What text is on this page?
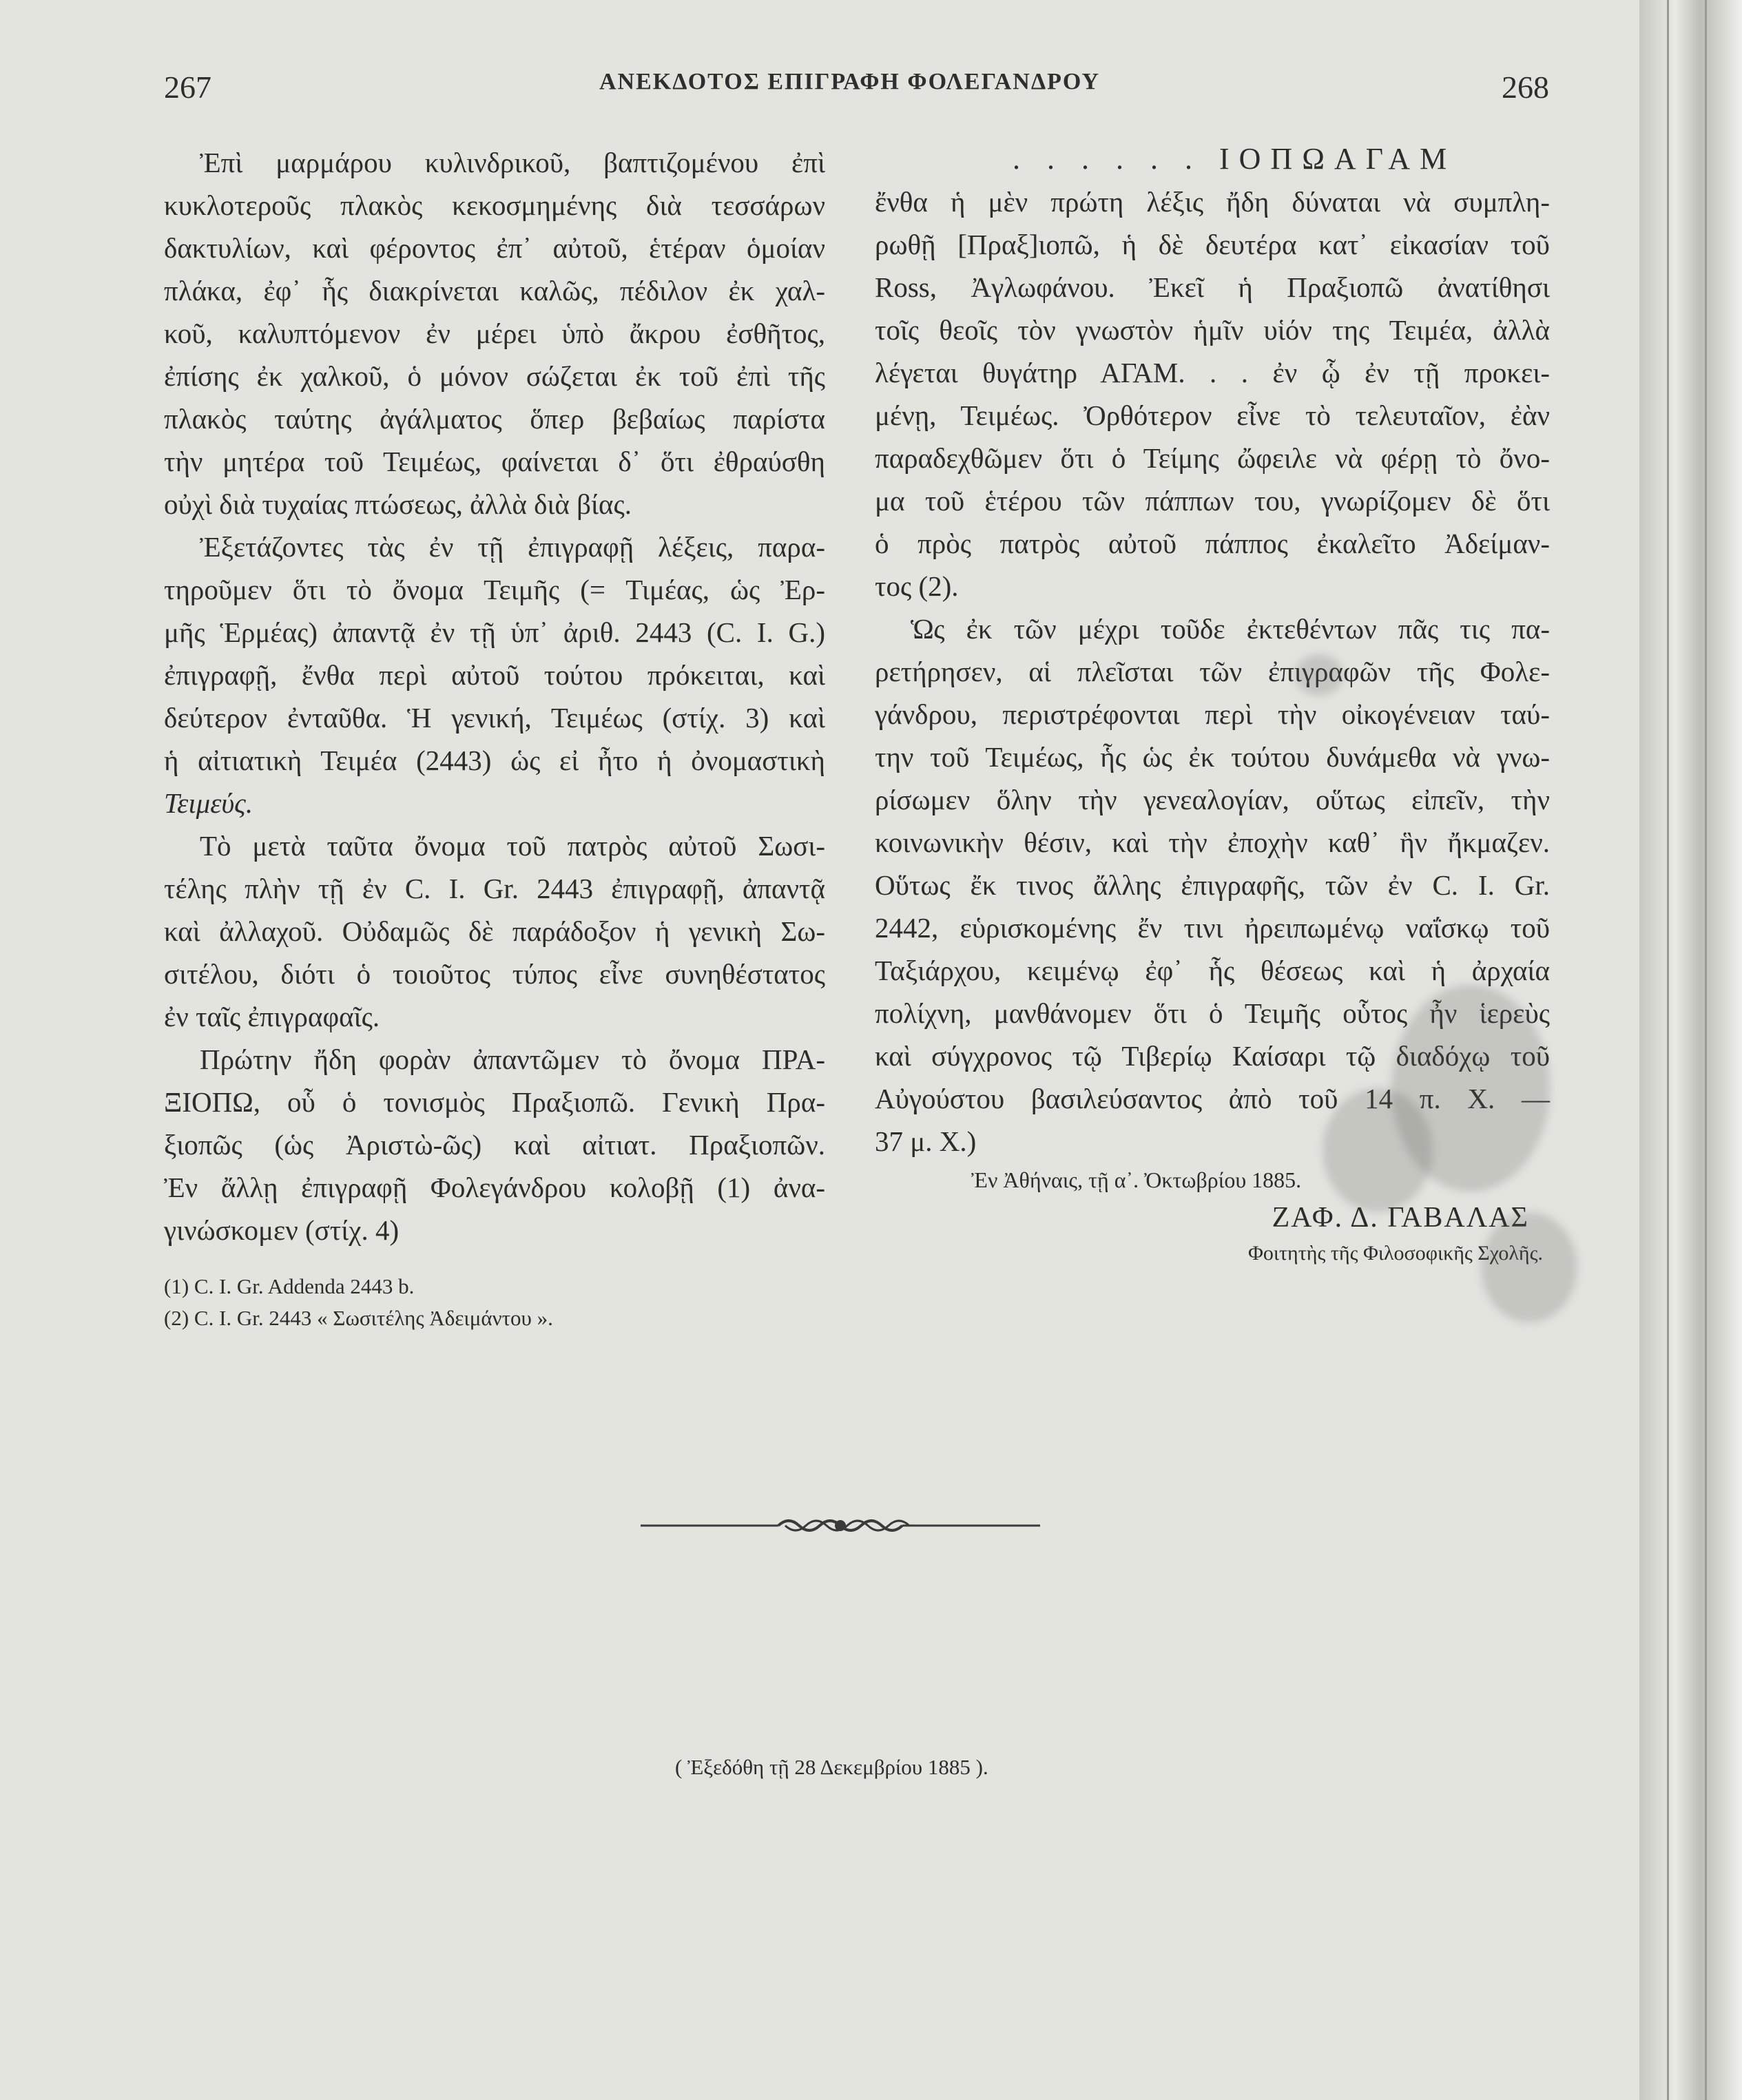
ΑΝΕΚΔΟΤΟΣ ΕΠΙΓΡΑΦΗ ΦΟΛΕΓΑΝΔΡΟΥ
267	268

Ἐπὶ μαρμάρου κυλινδρικοῦ, βαπτιζομένου ἐπὶ

κυκλοτεροῦς πλακὸς κεκοσμημένης διὰ τεσσάρων

δακτυλίων, καὶ φέροντος ἐπ᾽ αὐτοῦ, ἑτέραν ὁμοίαν

πλάκα, ἐφ᾽ ἧς διακρίνεται καλῶς, πέδιλον ἐκ χαλ-

κοῦ, καλυπτόμενον ἐν μέρει ὑπὸ ἄκρου ἐσθῆτος,

ἐπίσης ἐκ χαλκοῦ, ὁ μόνον σώζεται ἐκ τοῦ ἐπὶ τῆς

πλακὸς ταύτης ἀγάλματος ὅπερ βεβαίως παρίστα

τὴν μητέρα τοῦ Τειμέως, φαίνεται δ᾽ ὅτι ἐθραύσθη

οὐχὶ διὰ τυχαίας πτώσεως, ἀλλὰ διὰ βίας.

Ἐξετάζοντες τὰς ἐν τῇ ἐπιγραφῇ λέξεις, παρα-

τηροῦμεν ὅτι τὸ ὄνομα Τειμῆς (= Τιμέας, ὡς Ἐρ-

μῆς Ἑρμέας) ἀπαντᾷ ἐν τῇ ὑπ᾽ ἀριθ. 2443 (C. I. G.)

ἐπιγραφῇ, ἔνθα περὶ αὐτοῦ τούτου πρόκειται, καὶ

δεύτερον ἐνταῦθα. Ἡ γενική, Τειμέως (στίχ. 3) καὶ

ἡ αἰτιατικὴ Τειμέα (2443) ὡς εἰ ἦτο ἡ ὀνομαστικὴ

Τειμεύς.

Τὸ μετὰ ταῦτα ὄνομα τοῦ πατρὸς αὐτοῦ Σωσι-

τέλης πλὴν τῇ ἐν C. I. Gr. 2443 ἐπιγραφῇ, ἀπαντᾷ

καὶ ἀλλαχοῦ. Οὐδαμῶς δὲ παράδοξον ἡ γενικὴ Σω-

σιτέλου, διότι ὁ τοιοῦτος τύπος εἶνε συνηθέστατος

ἐν ταῖς ἐπιγραφαῖς.

Πρώτην ἤδη φορὰν ἀπαντῶμεν τὸ ὄνομα ΠΡΑ-

ΞΙΟΠΩ, οὗ ὁ τονισμὸς Πραξιοπῶ. Γενικὴ Πρα-

ξιοπῶς (ὡς Ἀριστὼ-ῶς) καὶ αἰτιατ. Πραξιοπῶν.

Ἐν ἄλλῃ ἐπιγραφῇ Φολεγάνδρου κολοβῇ (1) ἀνα-

γινώσκομεν (στίχ. 4)

(1) C. I. Gr. Addenda 2443 b.

(2) C. I. Gr. 2443 « Σωσιτέλης Ἀδειμάντου ».

. . . . . . ΙΟΠΩΑΓΑΜ

ἔνθα ἡ μὲν πρώτη λέξις ἤδη δύναται νὰ συμπλη-

ρωθῇ [Πραξ]ιοπῶ, ἡ δὲ δευτέρα κατ᾽ εἰκασίαν τοῦ

Ross, Ἀγλωφάνου. Ἐκεῖ ἡ Πραξιοπῶ ἀνατίθησι

τοῖς θεοῖς τὸν γνωστὸν ἡμῖν υἱόν της Τειμέα, ἀλλὰ

λέγεται θυγάτηρ ΑΓΑΜ. . . ἐν ᾧ ἐν τῇ προκει-

μένῃ, Τειμέως. Ὀρθότερον εἶνε τὸ τελευταῖον, ἐὰν

παραδεχθῶμεν ὅτι ὁ Τείμης ὤφειλε νὰ φέρῃ τὸ ὄνο-

μα τοῦ ἑτέρου τῶν πάππων του, γνωρίζομεν δὲ ὅτι

ὁ πρὸς πατρὸς αὐτοῦ πάππος ἐκαλεῖτο Ἀδείμαν-

τος (2).

Ὡς ἐκ τῶν μέχρι τοῦδε ἐκτεθέντων πᾶς τις πα-

ρετήρησεν, αἱ πλεῖσται τῶν ἐπιγραφῶν τῆς Φολε-

γάνδρου, περιστρέφονται περὶ τὴν οἰκογένειαν ταύ-

την τοῦ Τειμέως, ἧς ὡς ἐκ τούτου δυνάμεθα νὰ γνω-

ρίσωμεν ὅλην τὴν γενεαλογίαν, οὕτως εἰπεῖν, τὴν

κοινωνικὴν θέσιν, καὶ τὴν ἐποχὴν καθ᾽ ἣν ἤκμαζεν.

Οὕτως ἔκ τινος ἄλλης ἐπιγραφῆς, τῶν ἐν C. I. Gr.

2442, εὑρισκομένης ἔν τινι ἠρειπωμένῳ ναΐσκῳ τοῦ

Ταξιάρχου, κειμένῳ ἐφ᾽ ἧς θέσεως καὶ ἡ ἀρχαία

πολίχνη, μανθάνομεν ὅτι ὁ Τειμῆς οὗτος ἦν ἱερεὺς

καὶ σύγχρονος τῷ Τιβερίῳ Καίσαρι τῷ διαδόχῳ τοῦ

Αὐγούστου βασιλεύσαντος ἀπὸ τοῦ 14 π. Χ. —

37 μ. Χ.)

Ἐν Ἀθήναις, τῇ α᾽. Ὀκτωβρίου 1885.

ΖΑΦ. Δ. ΓΑΒΑΛΑΣ

Φοιτητὴς τῆς Φιλοσοφικῆς Σχολῆς.

( Ἐξεδόθη τῇ 28 Δεκεμβρίου 1885 ).
